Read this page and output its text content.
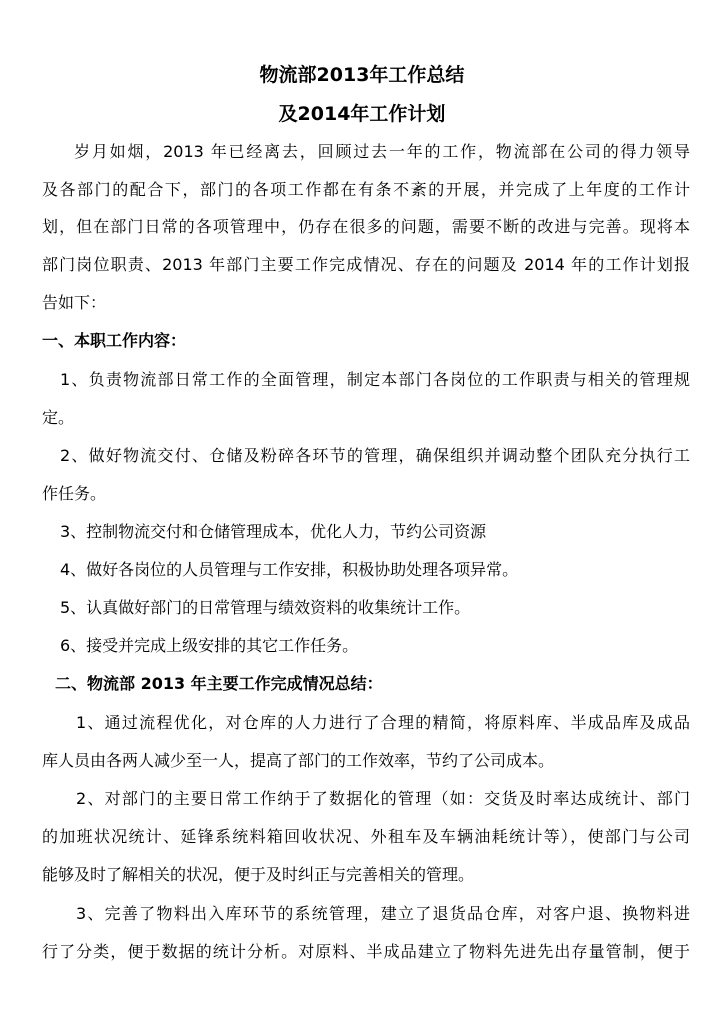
物流部2013年工作总结
及2014年工作计划
岁月如烟，2013 年已经离去，回顾过去一年的工作，物流部在公司的得力领导
及各部门的配合下，部门的各项工作都在有条不紊的开展，并完成了上年度的工作计
划，但在部门日常的各项管理中，仍存在很多的问题，需要不断的改进与完善。现将本
部门岗位职责、2013 年部门主要工作完成情况、存在的问题及 2014 年的工作计划报
告如下：
一、本职工作内容：
1、负责物流部日常工作的全面管理，制定本部门各岗位的工作职责与相关的管理规
定。
2、做好物流交付、仓储及粉碎各环节的管理，确保组织并调动整个团队充分执行工
作任务。
3、控制物流交付和仓储管理成本，优化人力，节约公司资源
4、做好各岗位的人员管理与工作安排，积极协助处理各项异常。
5、认真做好部门的日常管理与绩效资料的收集统计工作。
6、接受并完成上级安排的其它工作任务。
二、物流部 2013 年主要工作完成情况总结：
1、通过流程优化，对仓库的人力进行了合理的精简，将原料库、半成品库及成品
库人员由各两人减少至一人，提高了部门的工作效率，节约了公司成本。
2、对部门的主要日常工作纳于了数据化的管理（如：交货及时率达成统计、部门
的加班状况统计、延锋系统料箱回收状况、外租车及车辆油耗统计等），使部门与公司
能够及时了解相关的状况，便于及时纠正与完善相关的管理。
3、完善了物料出入库环节的系统管理，建立了退货品仓库，对客户退、换物料进
行了分类，便于数据的统计分析。对原料、半成品建立了物料先进先出存量管制，便于
